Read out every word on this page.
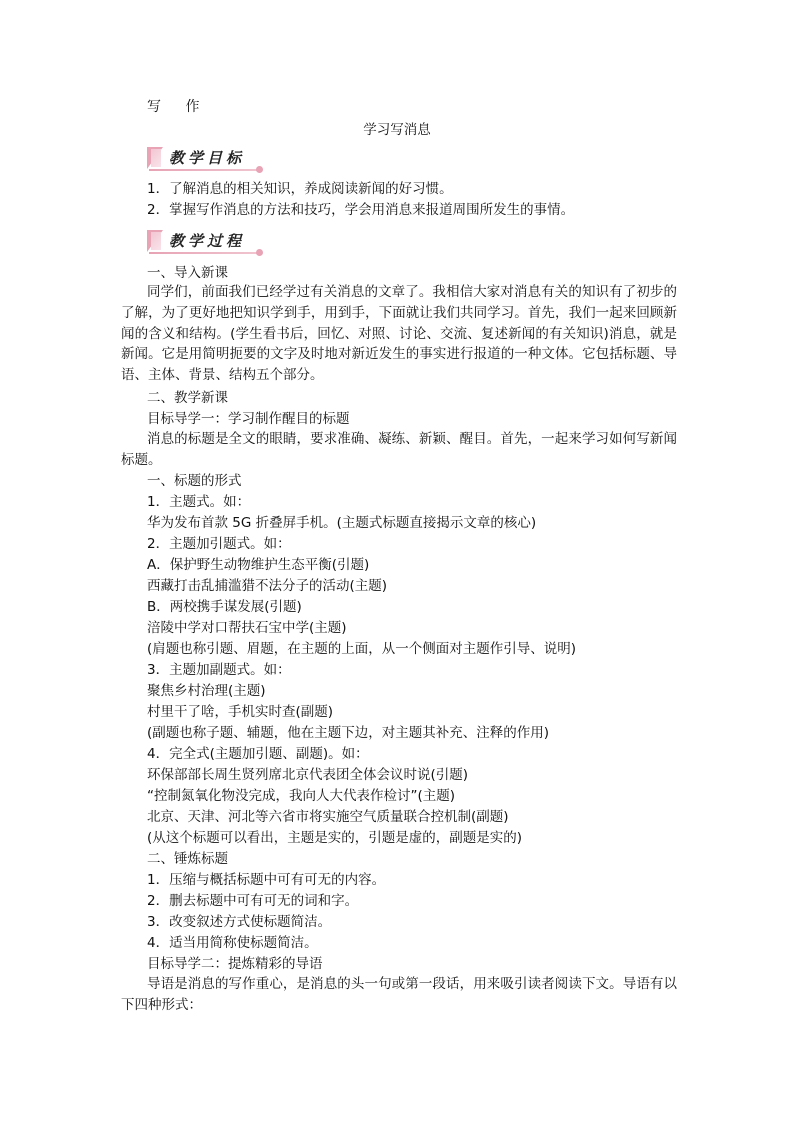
写 作
学习写消息
教学目标
1．了解消息的相关知识，养成阅读新闻的好习惯。
2．掌握写作消息的方法和技巧，学会用消息来报道周围所发生的事情。
教学过程
一、导入新课
同学们，前面我们已经学过有关消息的文章了。我相信大家对消息有关的知识有了初步的了解，为了更好地把知识学到手，用到手，下面就让我们共同学习。首先，我们一起来回顾新闻的含义和结构。(学生看书后，回忆、对照、讨论、交流、复述新闻的有关知识)消息，就是新闻。它是用简明扼要的文字及时地对新近发生的事实进行报道的一种文体。它包括标题、导语、主体、背景、结构五个部分。
二、教学新课
目标导学一：学习制作醒目的标题
消息的标题是全文的眼睛，要求准确、凝练、新颖、醒目。首先，一起来学习如何写新闻标题。
一、标题的形式
1．主题式。如：
华为发布首款 5G 折叠屏手机。(主题式标题直接揭示文章的核心)
2．主题加引题式。如：
A．保护野生动物维护生态平衡(引题)
西藏打击乱捕滥猎不法分子的活动(主题)
B．两校携手谋发展(引题)
涪陵中学对口帮扶石宝中学(主题)
(肩题也称引题、眉题，在主题的上面，从一个侧面对主题作引导、说明)
3．主题加副题式。如：
聚焦乡村治理(主题)
村里干了啥，手机实时查(副题)
(副题也称子题、辅题，他在主题下边，对主题其补充、注释的作用)
4．完全式(主题加引题、副题)。如：
环保部部长周生贤列席北京代表团全体会议时说(引题)
“控制氮氧化物没完成，我向人大代表作检讨”(主题)
北京、天津、河北等六省市将实施空气质量联合控机制(副题)
(从这个标题可以看出，主题是实的，引题是虚的，副题是实的)
二、锤炼标题
1．压缩与概括标题中可有可无的内容。
2．删去标题中可有可无的词和字。
3．改变叙述方式使标题简洁。
4．适当用简称使标题简洁。
目标导学二：提炼精彩的导语
导语是消息的写作重心，是消息的头一句或第一段话，用来吸引读者阅读下文。导语有以下四种形式：
